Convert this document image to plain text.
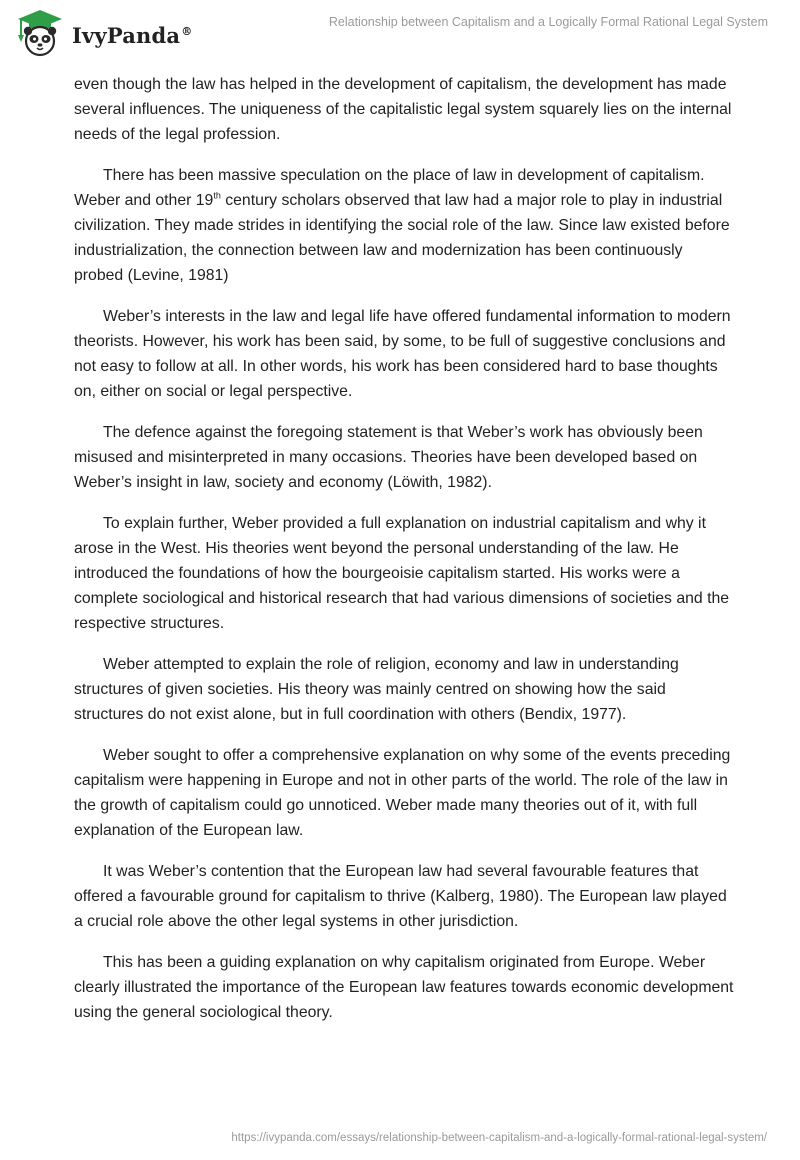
IvyPanda®
Relationship between Capitalism and a Logically Formal Rational Legal System

even though the law has helped in the development of capitalism, the development has made several influences. The uniqueness of the capitalistic legal system squarely lies on the internal needs of the legal profession.

There has been massive speculation on the place of law in development of capitalism. Weber and other 19th century scholars observed that law had a major role to play in industrial civilization. They made strides in identifying the social role of the law. Since law existed before industrialization, the connection between law and modernization has been continuously probed (Levine, 1981)

Weber’s interests in the law and legal life have offered fundamental information to modern theorists. However, his work has been said, by some, to be full of suggestive conclusions and not easy to follow at all. In other words, his work has been considered hard to base thoughts on, either on social or legal perspective.

The defence against the foregoing statement is that Weber’s work has obviously been misused and misinterpreted in many occasions. Theories have been developed based on Weber’s insight in law, society and economy (Löwith, 1982).

To explain further, Weber provided a full explanation on industrial capitalism and why it arose in the West. His theories went beyond the personal understanding of the law. He introduced the foundations of how the bourgeoisie capitalism started. His works were a complete sociological and historical research that had various dimensions of societies and the respective structures.

Weber attempted to explain the role of religion, economy and law in understanding structures of given societies. His theory was mainly centred on showing how the said structures do not exist alone, but in full coordination with others (Bendix, 1977).

Weber sought to offer a comprehensive explanation on why some of the events preceding capitalism were happening in Europe and not in other parts of the world. The role of the law in the growth of capitalism could go unnoticed. Weber made many theories out of it, with full explanation of the European law.

It was Weber’s contention that the European law had several favourable features that offered a favourable ground for capitalism to thrive (Kalberg, 1980). The European law played a crucial role above the other legal systems in other jurisdiction.

This has been a guiding explanation on why capitalism originated from Europe. Weber clearly illustrated the importance of the European law features towards economic development using the general sociological theory.

https://ivypanda.com/essays/relationship-between-capitalism-and-a-logically-formal-rational-legal-system/
